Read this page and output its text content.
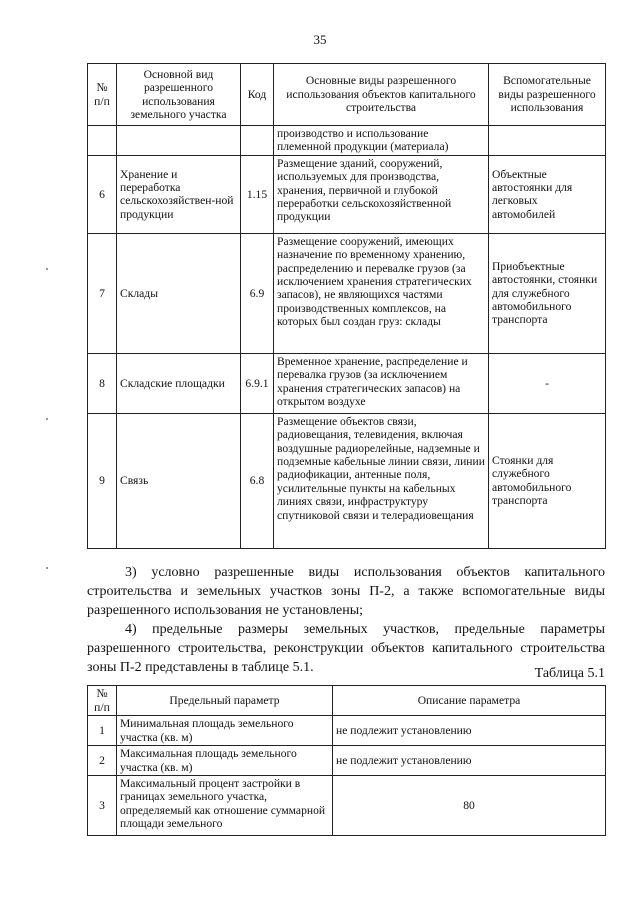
35
№ п/п	Основной вид разрешенного использования земельного участка	Код	Основные виды разрешенного использования объектов капитального строительства	Вспомогательные виды разрешенного использования
			производство и использование племенной продукции (материала)	
6	Хранение и переработка сельскохозяйствен-ной продукции	1.15	Размещение зданий, сооружений, используемых для производства, хранения, первичной и глубокой переработки сельскохозяйственной продукции	Объектные автостоянки для легковых автомобилей
7	Склады	6.9	Размещение сооружений, имеющих назначение по временному хранению, распределению и перевалке грузов (за исключением хранения стратегических запасов), не являющихся частями производственных комплексов, на которых был создан груз: склады	Приобъектные автостоянки, стоянки для служебного автомобильного транспорта
8	Складские площадки	6.9.1	Временное хранение, распределение и перевалка грузов (за исключением хранения стратегических запасов) на открытом воздухе	-
9	Связь	6.8	Размещение объектов связи, радиовещания, телевидения, включая воздушные радиорелейные, надземные и подземные кабельные линии связи, линии радиофикации, антенные поля, усилительные пункты на кабельных линиях связи, инфраструктуру спутниковой связи и телерадиовещания	Стоянки для служебного автомобильного транспорта

3) условно разрешенные виды использования объектов капитального строительства и земельных участков зоны П-2, а также вспомогательные виды разрешенного использования не установлены;

4) предельные размеры земельных участков, предельные параметры разрешенного строительства, реконструкции объектов капитального строительства зоны П-2 представлены в таблице 5.1.	Таблица 5.1
№ п/п	Предельный параметр	Описание параметра
1	Минимальная площадь земельного участка (кв. м)	не подлежит установлению
2	Максимальная площадь земельного участка (кв. м)	не подлежит установлению
3	Максимальный процент застройки в границах земельного участка, определяемый как отношение суммарной площади земельного	80
